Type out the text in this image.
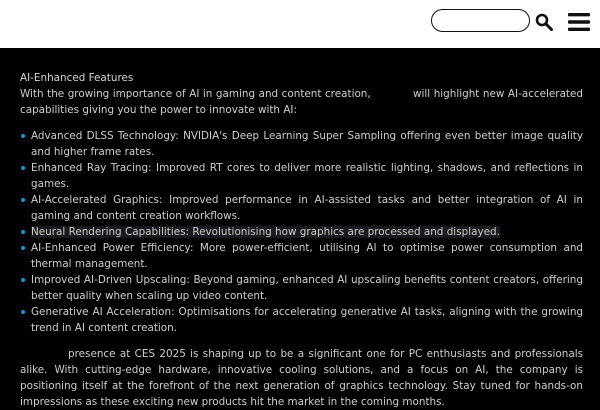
AI-Enhanced Features

With the growing importance of AI in gaming and content creation,            will highlight new AI-accelerated capabilities giving you the power to innovate with AI:

Advanced DLSS Technology: NVIDIA's Deep Learning Super Sampling offering even better image quality and higher frame rates.
Enhanced Ray Tracing: Improved RT cores to deliver more realistic lighting, shadows, and reflections in games.
AI-Accelerated Graphics: Improved performance in AI-assisted tasks and better integration of AI in gaming and content creation workflows.
Neural Rendering Capabilities: Revolutionising how graphics are processed and displayed.
AI-Enhanced Power Efficiency: More power-efficient, utilising AI to optimise power consumption and thermal management.
Improved AI-Driven Upscaling: Beyond gaming, enhanced AI upscaling benefits content creators, offering better quality when scaling up video content.
Generative AI Acceleration: Optimisations for accelerating generative AI tasks, aligning with the growing trend in AI content creation.

presence at CES 2025 is shaping up to be a significant one for PC enthusiasts and professionals alike. With cutting-edge hardware, innovative cooling solutions, and a focus on AI, the company is positioning itself at the forefront of the next generation of graphics technology. Stay tuned for hands-on impressions as these exciting new products hit the market in the coming months.
